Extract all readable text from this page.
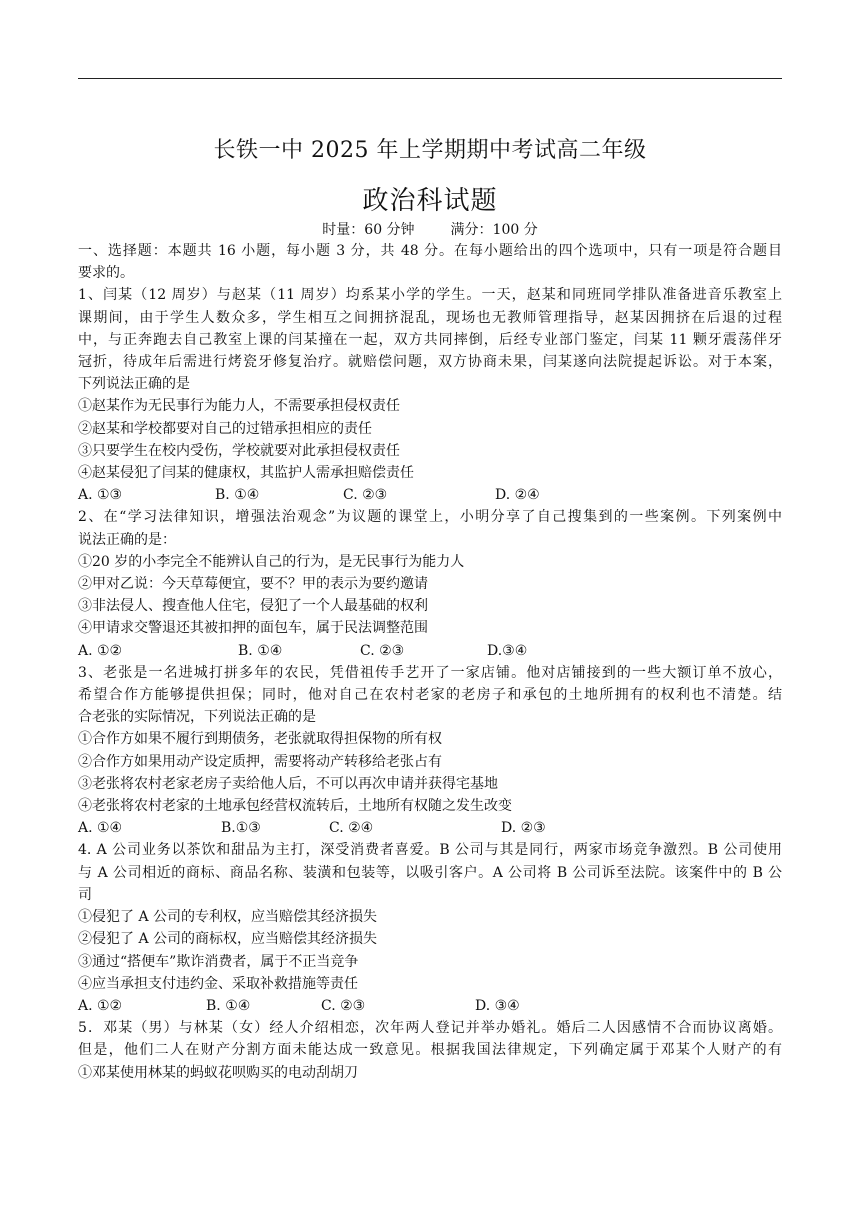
长铁一中 2025 年上学期期中考试高二年级
政治科试题
时量：60 分钟	满分：100 分

一、选择题：本题共 16 小题，每小题 3 分，共 48 分。在每小题给出的四个选项中，只有一项是符合题目

要求的。

1、闫某（12 周岁）与赵某（11 周岁）均系某小学的学生。一天，赵某和同班同学排队准备进音乐教室上

课期间，由于学生人数众多，学生相互之间拥挤混乱，现场也无教师管理指导，赵某因拥挤在后退的过程

中，与正奔跑去自己教室上课的闫某撞在一起，双方共同摔倒，后经专业部门鉴定，闫某 11 颗牙震荡伴牙

冠折，待成年后需进行烤瓷牙修复治疗。就赔偿问题，双方协商未果，闫某遂向法院提起诉讼。对于本案，

下列说法正确的是

①赵某作为无民事行为能力人，不需要承担侵权责任

②赵某和学校都要对自己的过错承担相应的责任

③只要学生在校内受伤，学校就要对此承担侵权责任

④赵某侵犯了闫某的健康权，其监护人需承担赔偿责任

A. ①③	B. ①④	C. ②③	D. ②④

2、在“学习法律知识，增强法治观念”为议题的课堂上，小明分享了自己搜集到的一些案例。下列案例中

说法正确的是：

①20 岁的小李完全不能辨认自己的行为，是无民事行为能力人

②甲对乙说：今天草莓便宜，要不？甲的表示为要约邀请

③非法侵人、搜查他人住宅，侵犯了一个人最基础的权利

④甲请求交警退还其被扣押的面包车，属于民法调整范围

A. ①②	B. ①④	C. ②③	D.③④

3、老张是一名进城打拼多年的农民，凭借祖传手艺开了一家店铺。他对店铺接到的一些大额订单不放心，

希望合作方能够提供担保；同时，他对自己在农村老家的老房子和承包的土地所拥有的权利也不清楚。结

合老张的实际情况，下列说法正确的是

①合作方如果不履行到期债务，老张就取得担保物的所有权

②合作方如果用动产设定质押，需要将动产转移给老张占有

③老张将农村老家老房子卖给他人后，不可以再次申请并获得宅基地

④老张将农村老家的土地承包经营权流转后，土地所有权随之发生改变

A. ①④	B.①③	C. ②④	D. ②③

4. A 公司业务以茶饮和甜品为主打，深受消费者喜爱。B 公司与其是同行，两家市场竞争激烈。B 公司使用

与 A 公司相近的商标、商品名称、装潢和包装等，以吸引客户。A 公司将 B 公司诉至法院。该案件中的 B 公

司

①侵犯了 A 公司的专利权，应当赔偿其经济损失

②侵犯了 A 公司的商标权，应当赔偿其经济损失

③通过“搭便车”欺诈消费者，属于不正当竞争

④应当承担支付违约金、采取补救措施等责任

A. ①②	B. ①④	C. ②③	D. ③④

5．邓某（男）与林某（女）经人介绍相恋，次年两人登记并举办婚礼。婚后二人因感情不合而协议离婚。

但是，他们二人在财产分割方面未能达成一致意见。根据我国法律规定，下列确定属于邓某个人财产的有

①邓某使用林某的蚂蚁花呗购买的电动刮胡刀
